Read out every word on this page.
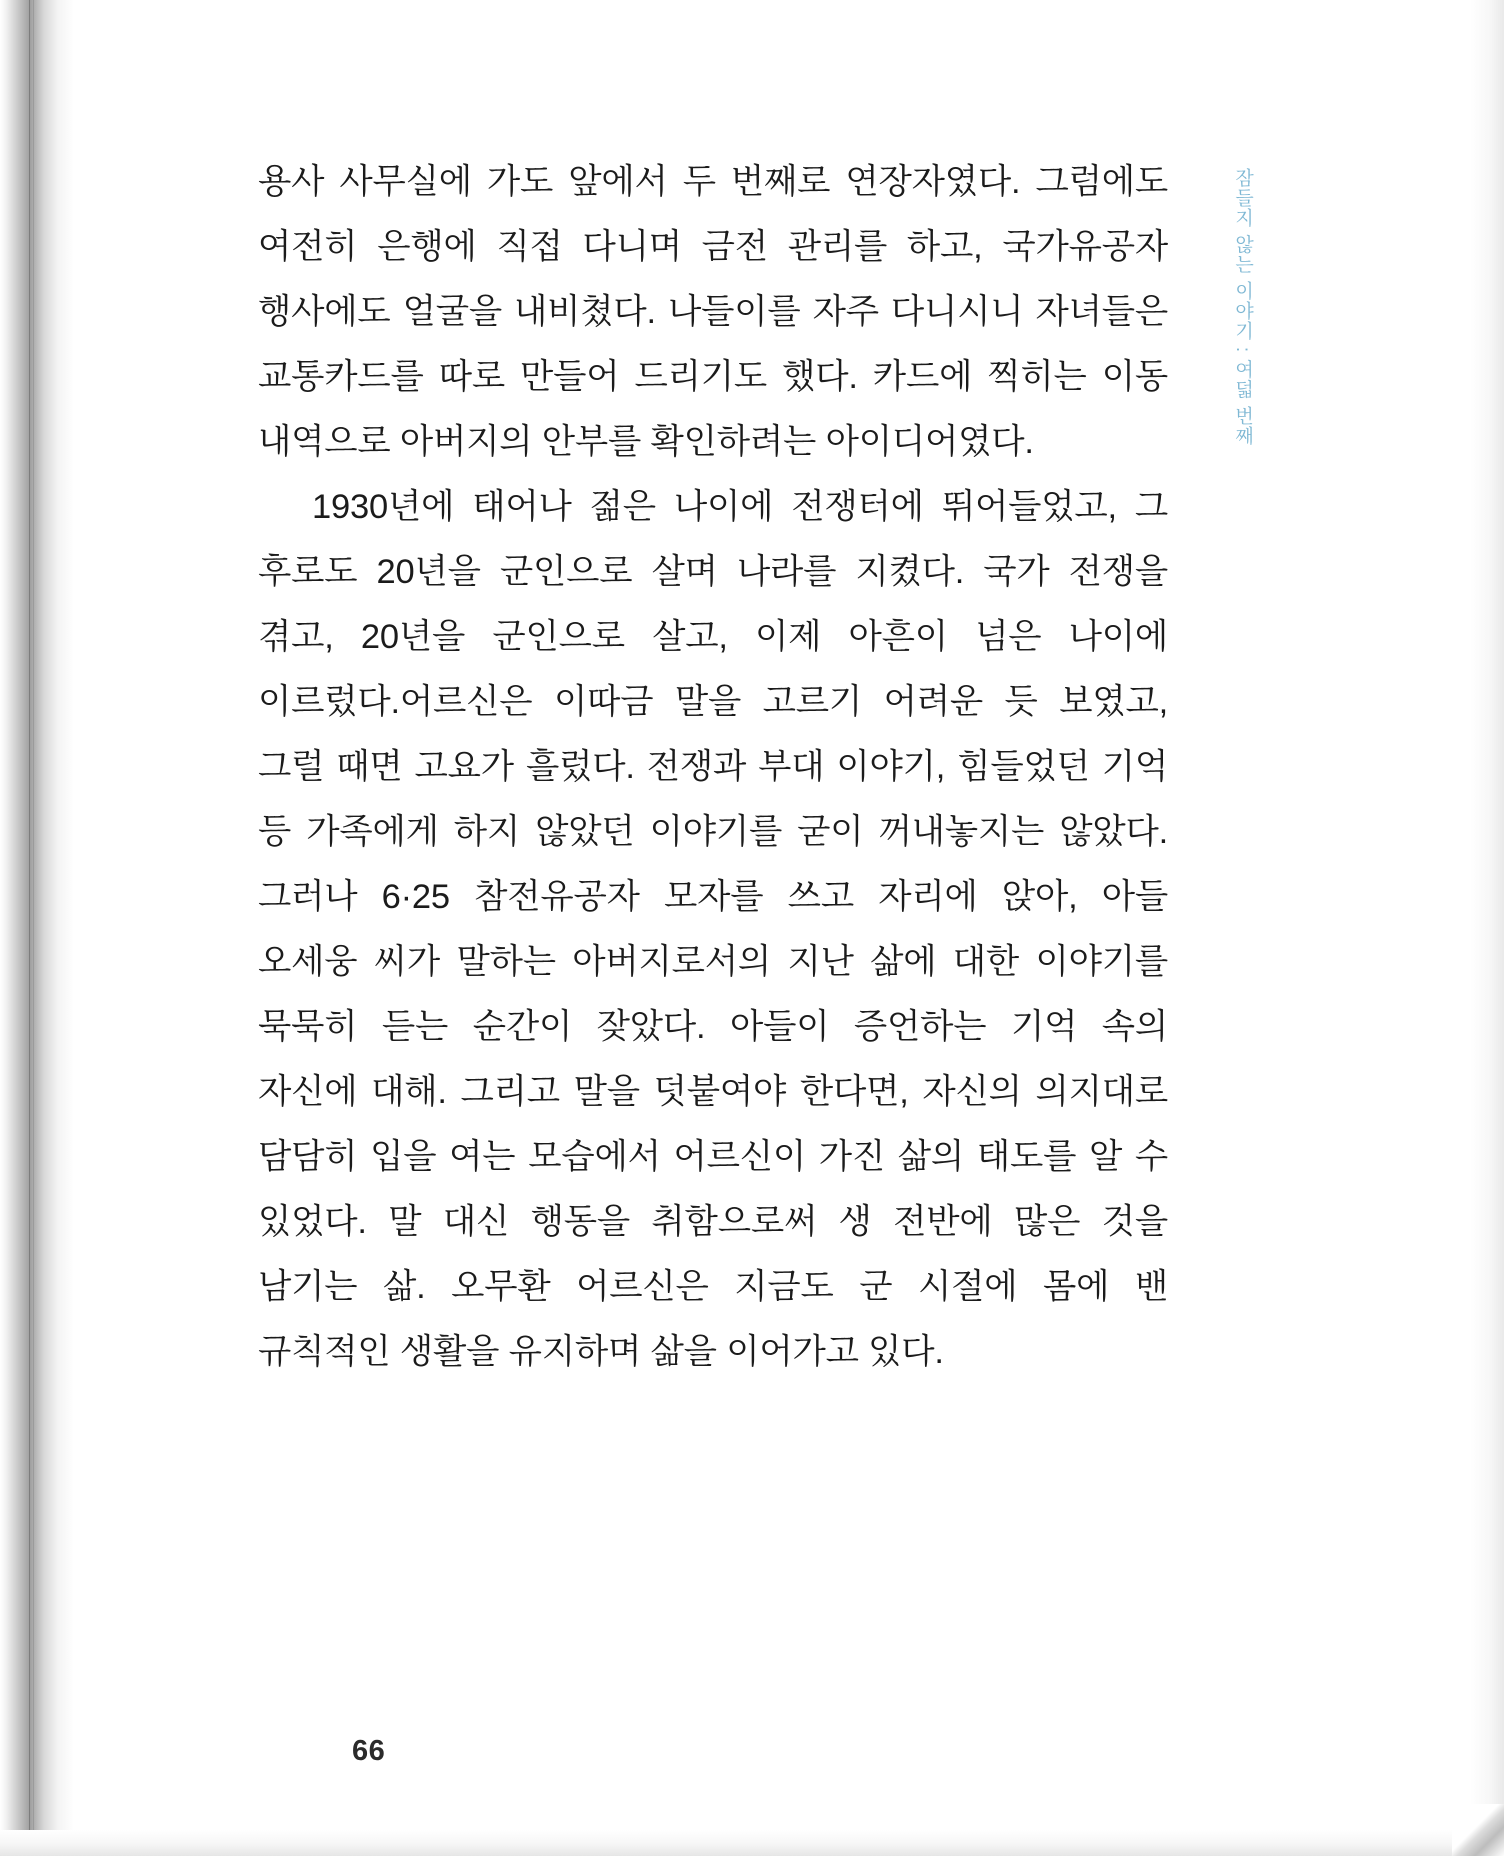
잠들지 않는 이야기 : 여덟 번째

용사 사무실에 가도 앞에서 두 번째로 연장자였다. 그럼에도 여전히 은행에 직접 다니며 금전 관리를 하고, 국가유공자 행사에도 얼굴을 내비쳤다. 나들이를 자주 다니시니 자녀들은 교통카드를 따로 만들어 드리기도 했다. 카드에 찍히는 이동 내역으로 아버지의 안부를 확인하려는 아이디어였다.

1930년에 태어나 젊은 나이에 전쟁터에 뛰어들었고, 그 후로도 20년을 군인으로 살며 나라를 지켰다. 국가 전쟁을 겪고, 20년을 군인으로 살고, 이제 아흔이 넘은 나이에 이르렀다.어르신은 이따금 말을 고르기 어려운 듯 보였고, 그럴 때면 고요가 흘렀다. 전쟁과 부대 이야기, 힘들었던 기억 등 가족에게 하지 않았던 이야기를 굳이 꺼내놓지는 않았다. 그러나 6·25 참전유공자 모자를 쓰고 자리에 앉아, 아들 오세웅 씨가 말하는 아버지로서의 지난 삶에 대한 이야기를 묵묵히 듣는 순간이 잦았다. 아들이 증언하는 기억 속의 자신에 대해. 그리고 말을 덧붙여야 한다면, 자신의 의지대로 담담히 입을 여는 모습에서 어르신이 가진 삶의 태도를 알 수 있었다. 말 대신 행동을 취함으로써 생 전반에 많은 것을 남기는 삶. 오무환 어르신은 지금도 군 시절에 몸에 밴 규칙적인 생활을 유지하며 삶을 이어가고 있다.

66
